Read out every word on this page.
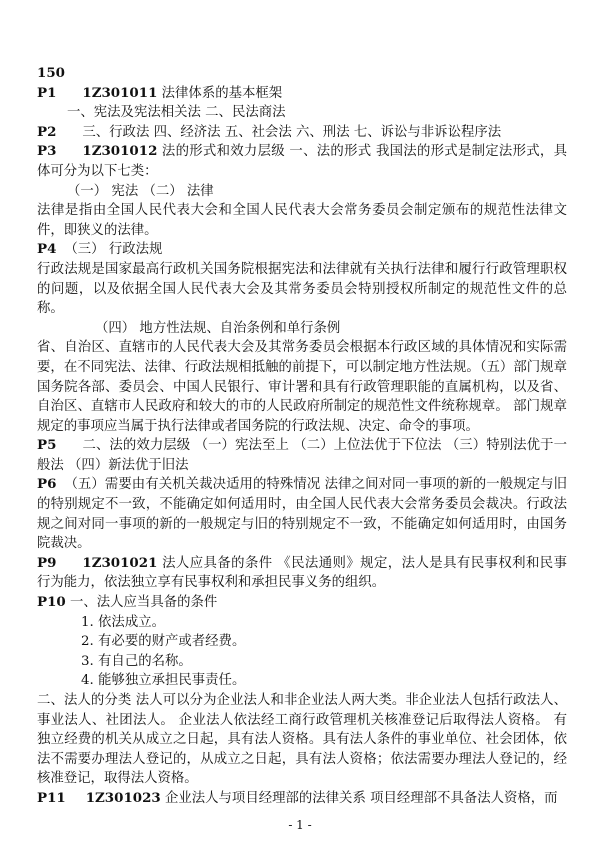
150
P1 1Z301011 法律体系的基本框架
一、宪法及宪法相关法 二、民法商法
P2 三、行政法 四、经济法 五、社会法 六、刑法 七、诉讼与非诉讼程序法
P3 1Z301012 法的形式和效力层级 一、法的形式 我国法的形式是制定法形式，具体可分为以下七类：
（一） 宪法 （二） 法律
法律是指由全国人民代表大会和全国人民代表大会常务委员会制定颁布的规范性法律文件，即狭义的法律。
P4 （三） 行政法规
行政法规是国家最高行政机关国务院根据宪法和法律就有关执行法律和履行行政管理职权的问题，以及依据全国人民代表大会及其常务委员会特别授权所制定的规范性文件的总称。
（四） 地方性法规、自治条例和单行条例
省、自治区、直辖市的人民代表大会及其常务委员会根据本行政区域的具体情况和实际需要，在不同宪法、法律、行政法规相抵触的前提下，可以制定地方性法规。（五）部门规章 国务院各部、委员会、中国人民银行、审计署和具有行政管理职能的直属机构，以及省、自治区、直辖市人民政府和较大的市的人民政府所制定的规范性文件统称规章。 部门规章规定的事项应当属于执行法律或者国务院的行政法规、决定、命令的事项。
P5 二、法的效力层级 （一）宪法至上 （二）上位法优于下位法 （三）特别法优于一般法 （四）新法优于旧法
P6 （五）需要由有关机关裁决适用的特殊情况 法律之间对同一事项的新的一般规定与旧的特别规定不一致，不能确定如何适用时，由全国人民代表大会常务委员会裁决。行政法规之间对同一事项的新的一般规定与旧的特别规定不一致，不能确定如何适用时，由国务院裁决。
P9 1Z301021 法人应具备的条件 《民法通则》规定，法人是具有民事权利和民事行为能力，依法独立享有民事权利和承担民事义务的组织。
P10 一、法人应当具备的条件
1. 依法成立。
2. 有必要的财产或者经费。
3. 有自己的名称。
4. 能够独立承担民事责任。
二、法人的分类 法人可以分为企业法人和非企业法人两大类。非企业法人包括行政法人、事业法人、社团法人。 企业法人依法经工商行政管理机关核准登记后取得法人资格。 有独立经费的机关从成立之日起，具有法人资格。具有法人条件的事业单位、社会团体，依法不需要办理法人登记的，从成立之日起，具有法人资格；依法需要办理法人登记的，经核准登记，取得法人资格。
P11 1Z301023 企业法人与项目经理部的法律关系 项目经理部不具备法人资格，而
- 1 -
